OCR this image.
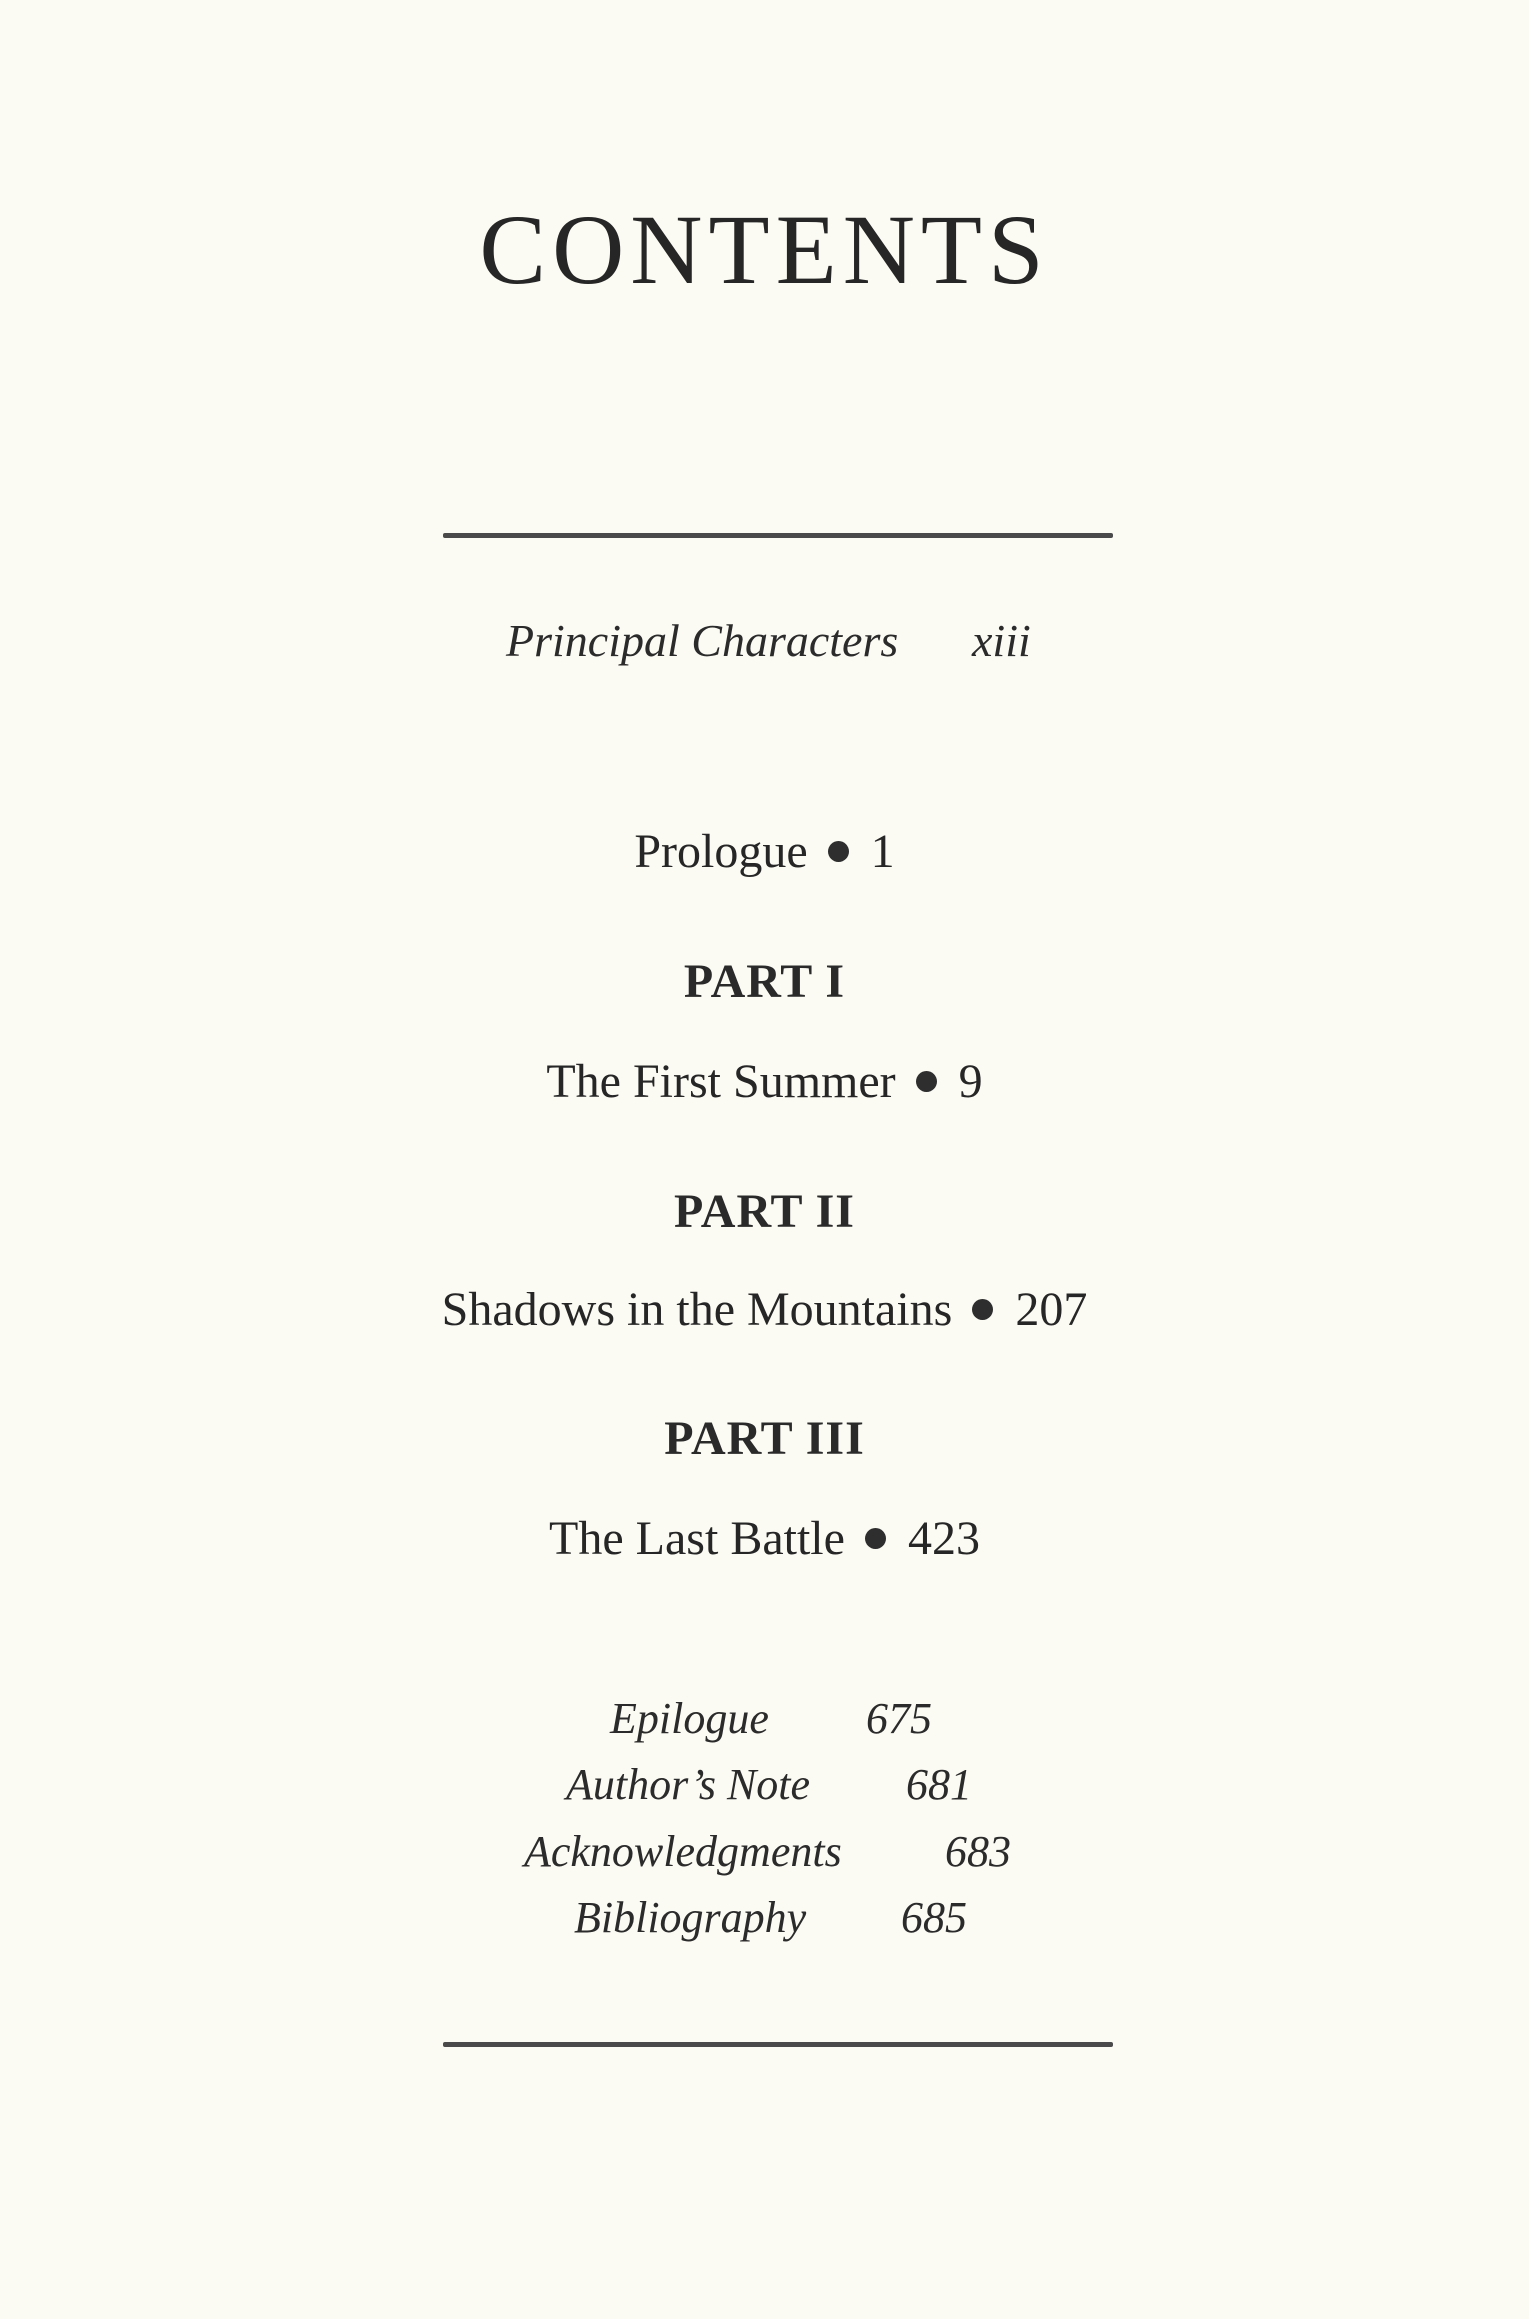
CONTENTS
Principal Characters xiii
Prologue 1
PART I
The First Summer 9
PART II
Shadows in the Mountains 207
PART III
The Last Battle 423
Epilogue 675
Author’s Note 681
Acknowledgments 683
Bibliography 685
